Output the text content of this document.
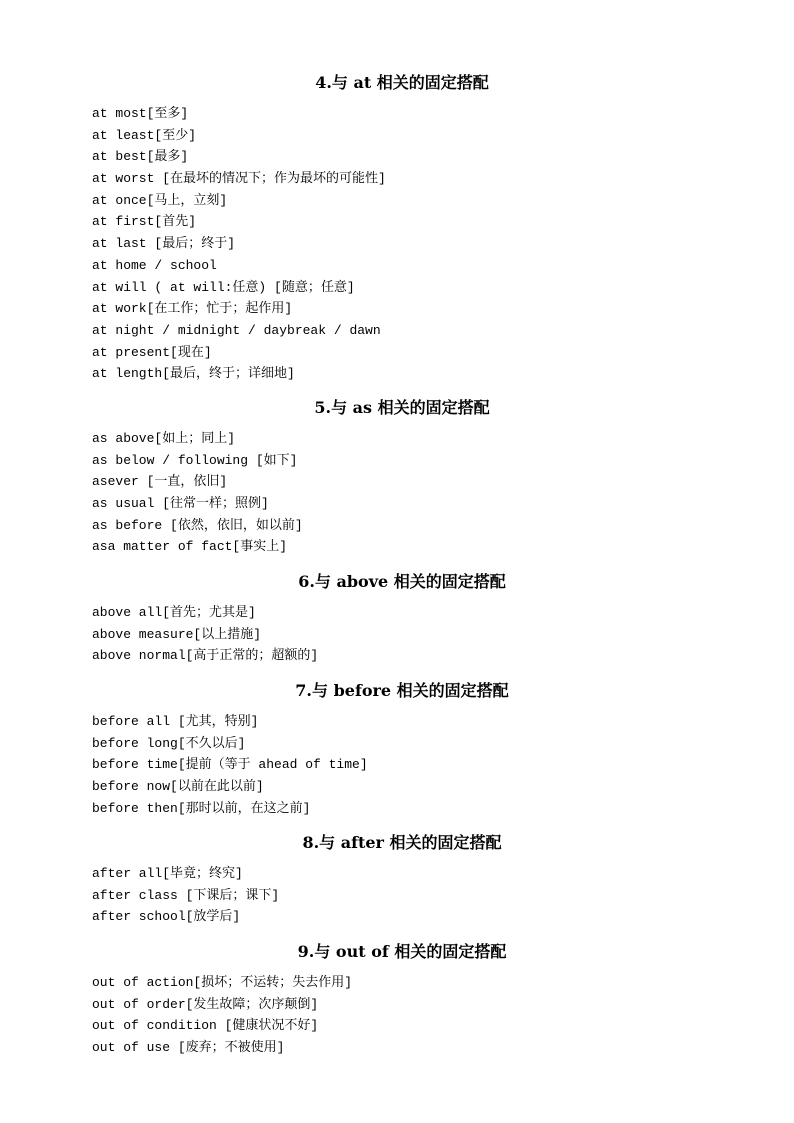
4.与 at 相关的固定搭配
at most[至多]
at least[至少]
at best[最多]
at worst [在最坏的情况下；作为最坏的可能性]
at once[马上，立刻]
at first[首先]
at last [最后；终于]
at home / school
at will ( at will:任意) [随意；任意]
at work[在工作；忙于；起作用]
at night / midnight / daybreak / dawn
at present[现在]
at length[最后，终于；详细地]
5.与 as 相关的固定搭配
as above[如上；同上]
as below / following [如下]
asever [一直，依旧]
as usual [往常一样；照例]
as before [依然，依旧，如以前]
asa matter of fact[事实上]
6.与 above 相关的固定搭配
above all[首先；尤其是]
above measure[以上措施]
above normal[高于正常的；超额的]
7.与 before 相关的固定搭配
before all [尤其，特别]
before long[不久以后]
before time[提前（等于 ahead of time]
before now[以前在此以前]
before then[那时以前，在这之前]
8.与 after 相关的固定搭配
after all[毕竟；终究]
after class [下课后；课下]
after school[放学后]
9.与 out of 相关的固定搭配
out of action[损坏；不运转；失去作用]
out of order[发生故障；次序颠倒]
out of condition [健康状况不好]
out of use [废弃；不被使用]
